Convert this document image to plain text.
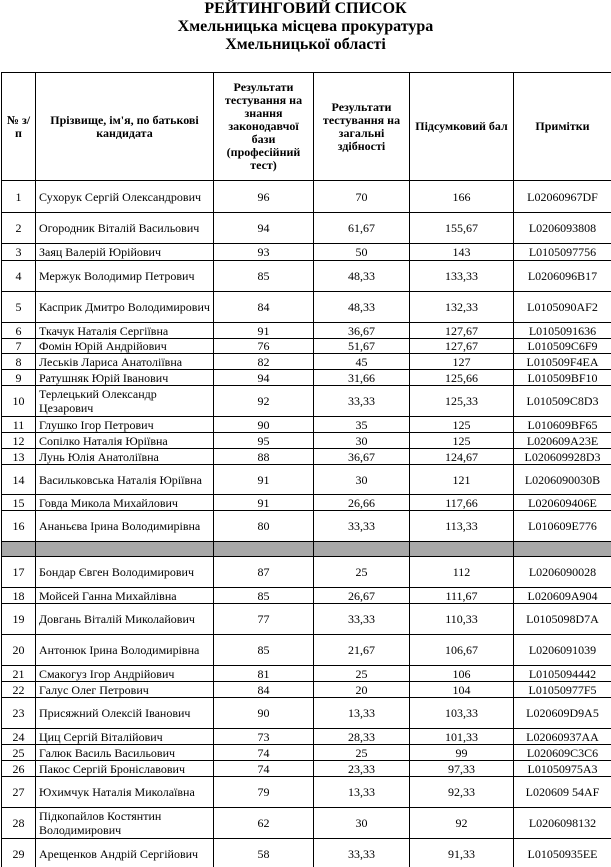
РЕЙТИНГОВИЙ СПИСОК
Хмельницька місцева прокуратура
Хмельницької області
№ з/п	Прізвище, ім'я, по батькові кандидата	Результати тестування на знання законодавчої бази (професійний тест)	Результати тестування на загальні здібності	Підсумковий бал	Примітки
1	Сухорук Сергій Олександрович	96	70	166	L02060967DF
2	Огородник Віталій Васильович	94	61,67	155,67	L0206093808
3	Заяц Валерій Юрійович	93	50	143	L0105097756
4	Мержук Володимир Петрович	85	48,33	133,33	L0206096B17
5	Касприк Дмитро Володимирович	84	48,33	132,33	L0105090AF2
6	Ткачук Наталія Сергіївна	91	36,67	127,67	L0105091636
7	Фомін Юрій Андрійович	76	51,67	127,67	L010509C6F9
8	Леськів Лариса Анатоліївна	82	45	127	L010509F4EA
9	Ратушняк Юрій Іванович	94	31,66	125,66	L010509BF10
10	Терлецький Олександр Цезарович	92	33,33	125,33	L010509C8D3
11	Глушко Ігор Петрович	90	35	125	L010609BF65
12	Сопілко Наталія Юріївна	95	30	125	L020609A23E
13	Лунь Юлія Анатоліївна	88	36,67	124,67	L020609928D3
14	Васильковська Наталія Юріївна	91	30	121	L0206090030B
15	Говда Микола Михайлович	91	26,66	117,66	L020609406E
16	Ананьєва Ірина Володимирівна	80	33,33	113,33	L010609E776

17	Бондар Євген Володимирович	87	25	112	L0206090028
18	Мойсей Ганна Михайлівна	85	26,67	111,67	L020609A904
19	Довгань Віталій Миколайович	77	33,33	110,33	L0105098D7A
20	Антонюк Ірина Володимирівна	85	21,67	106,67	L0206091039
21	Смакогуз Ігор Андрійович	81	25	106	L0105094442
22	Галус Олег Петрович	84	20	104	L01050977F5
23	Присяжний Олексій Іванович	90	13,33	103,33	L020609D9A5
24	Циц Сергій Віталійович	73	28,33	101,33	L02060937AA
25	Галюк Василь Васильович	74	25	99	L020609C3C6
26	Пакос Сергій Броніславович	74	23,33	97,33	L01050975A3
27	Юхимчук Наталія Миколаївна	79	13,33	92,33	L020609 54AF
28	Підкопайлов Костянтин Володимирович	62	30	92	L0206098132
29	Арещенков Андрій Сергійович	58	33,33	91,33	L01050935EE
